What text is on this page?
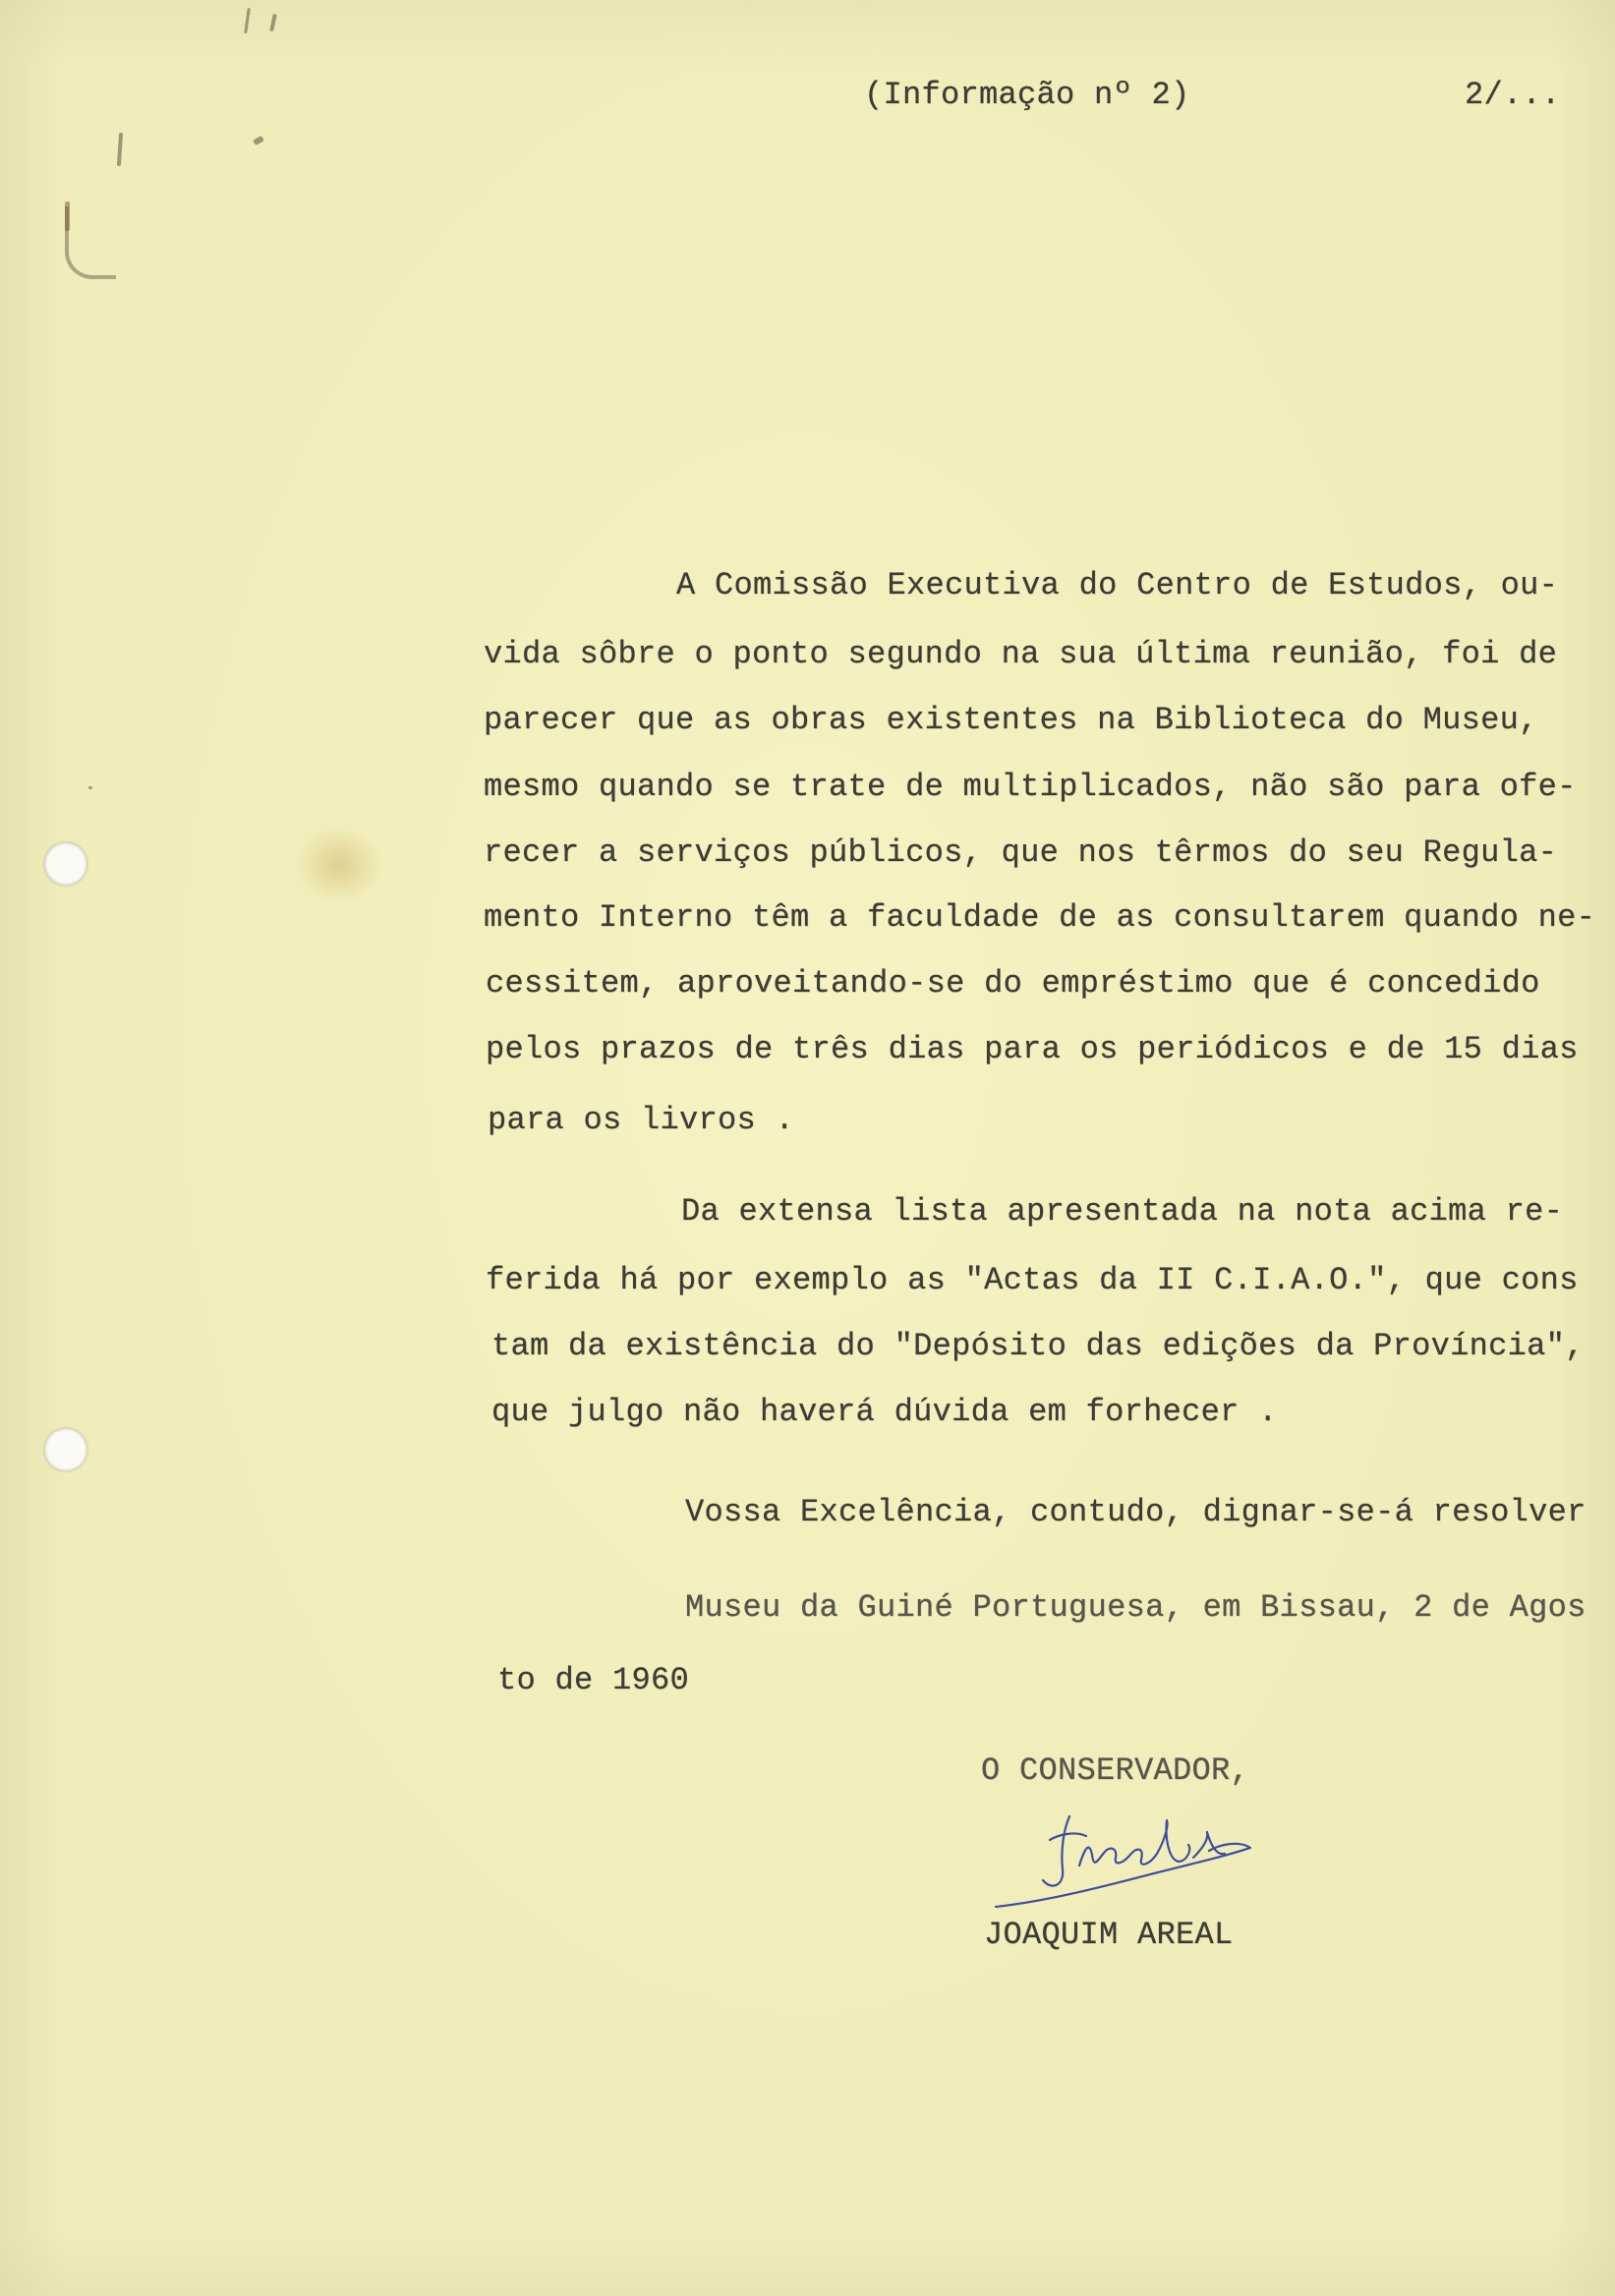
(Informação nº 2)	2/...
A Comissão Executiva do Centro de Estudos, ou-
vida sôbre o ponto segundo na sua última reunião, foi de
parecer que as obras existentes na Biblioteca do Museu,
mesmo quando se trate de multiplicados, não são para ofe-
recer a serviços públicos, que nos têrmos do seu Regula-
mento Interno têm a faculdade de as consultarem quando ne-
cessitem, aproveitando-se do empréstimo que é concedido
pelos prazos de três dias para os periódicos e de 15 dias
para os livros .
Da extensa lista apresentada na nota acima re-
ferida há por exemplo as "Actas da II C.I.A.O.", que cons
tam da existência do "Depósito das edições da Província",
que julgo não haverá dúvida em forhecer .
Vossa Excelência, contudo, dignar-se-á resolver
Museu da Guiné Portuguesa, em Bissau, 2 de Agos
to de 1960
O CONSERVADOR,
JOAQUIM AREAL
